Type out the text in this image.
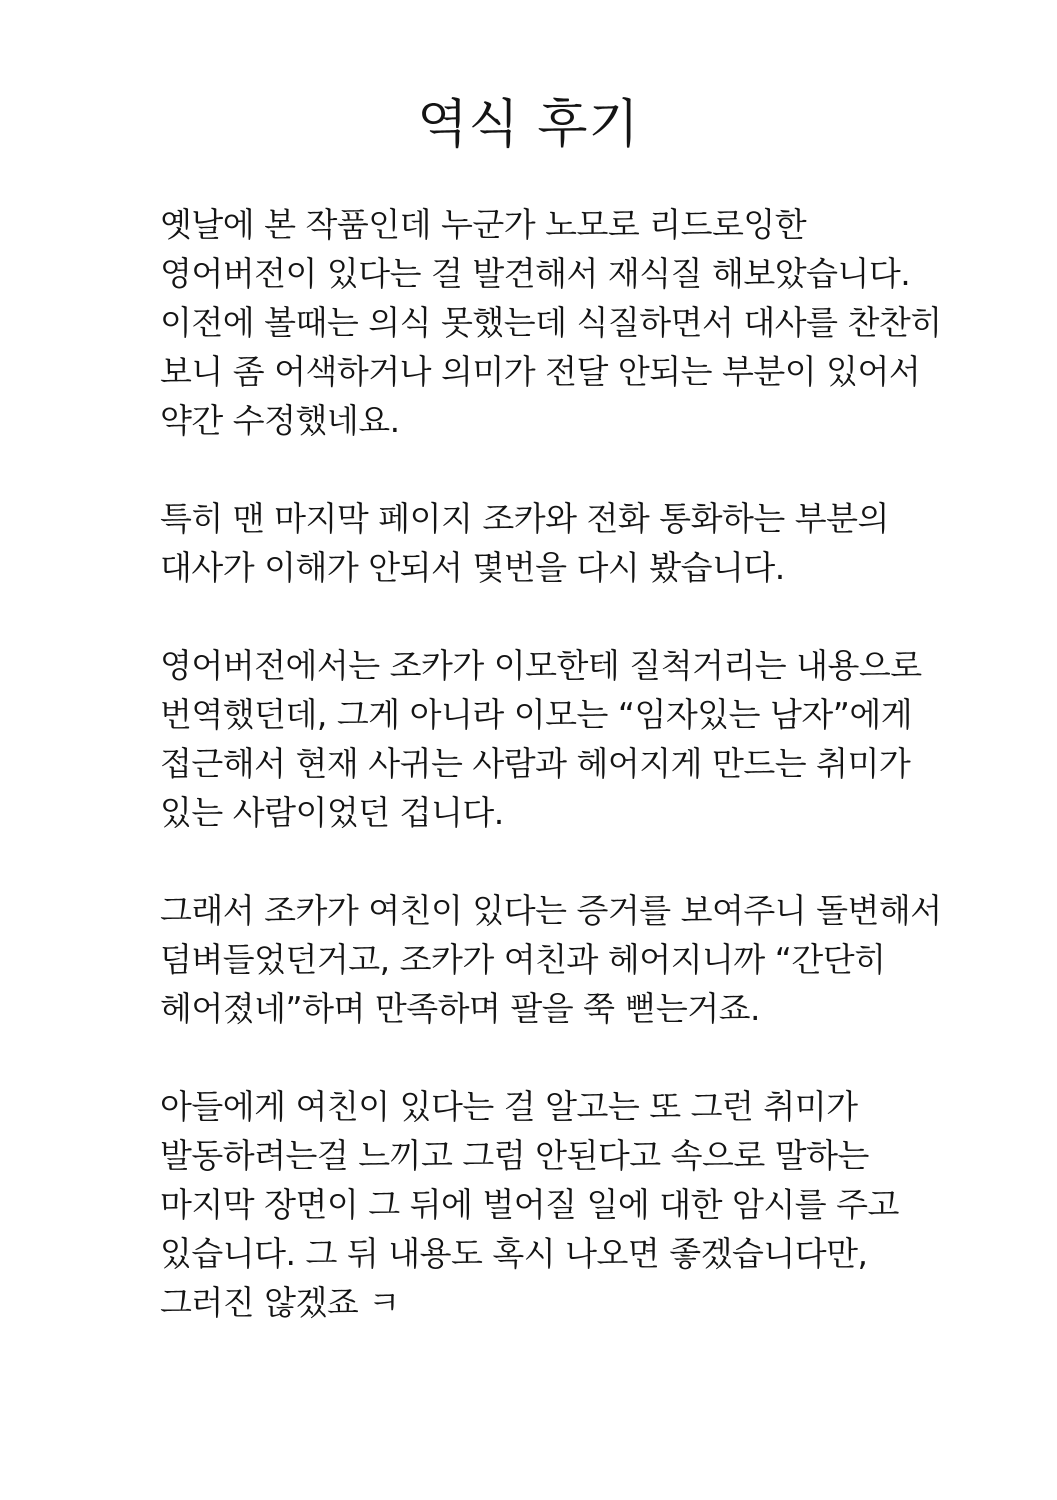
역식 후기

옛날에 본 작품인데 누군가 노모로 리드로잉한
영어버전이 있다는 걸 발견해서 재식질 해보았습니다.
이전에 볼때는 의식 못했는데 식질하면서 대사를 찬찬히
보니 좀 어색하거나 의미가 전달 안되는 부분이 있어서
약간 수정했네요.

특히 맨 마지막 페이지 조카와 전화 통화하는 부분의
대사가 이해가 안되서 몇번을 다시 봤습니다.

영어버전에서는 조카가 이모한테 질척거리는 내용으로
번역했던데, 그게 아니라 이모는 “임자있는 남자”에게
접근해서 현재 사귀는 사람과 헤어지게 만드는 취미가
있는 사람이었던 겁니다.

그래서 조카가 여친이 있다는 증거를 보여주니 돌변해서
덤벼들었던거고, 조카가 여친과 헤어지니까 “간단히
헤어졌네”하며 만족하며 팔을 쭉 뻗는거죠.

아들에게 여친이 있다는 걸 알고는 또 그런 취미가
발동하려는걸 느끼고 그럼 안된다고 속으로 말하는
마지막 장면이 그 뒤에 벌어질 일에 대한 암시를 주고
있습니다. 그 뒤 내용도 혹시 나오면 좋겠습니다만,
그러진 않겠죠 ㅋ
